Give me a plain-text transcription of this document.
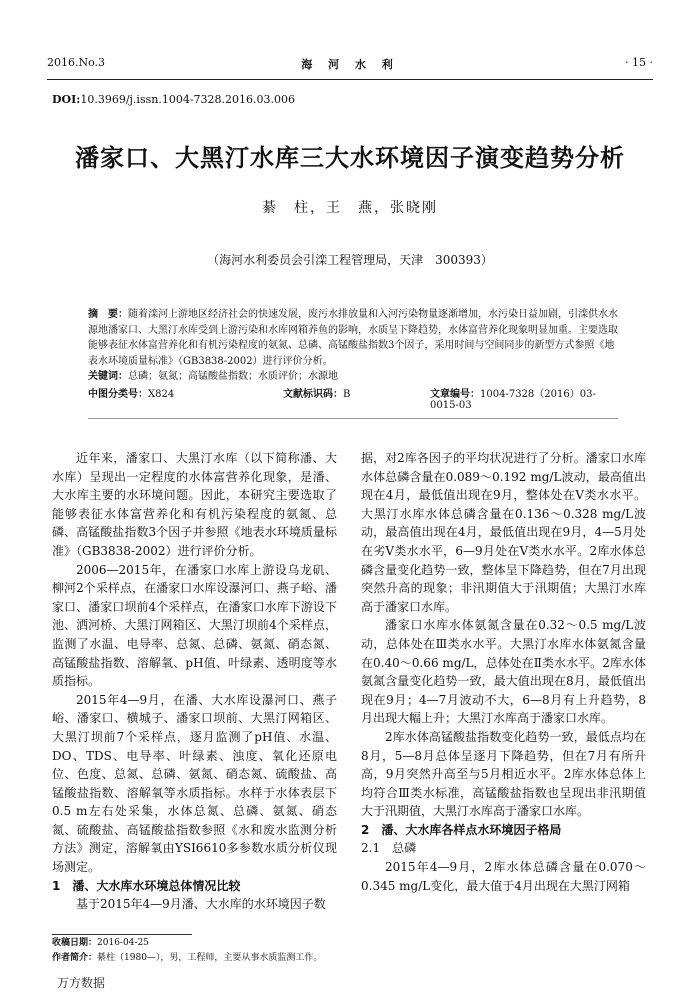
2016.No.3	海 河 水 利	· 15 ·
DOI:10.3969/j.issn.1004-7328.2016.03.006
潘家口、大黑汀水库三大水环境因子演变趋势分析
綦　柱，王　燕，张晓刚
（海河水利委员会引滦工程管理局，天津　300393）
摘　要：随着滦河上游地区经济社会的快速发展，废污水排放量和入河污染物量逐渐增加，水污染日益加剧，引滦供水水源地潘家口、大黑汀水库受到上游污染和水库网箱养鱼的影响，水质呈下降趋势，水体富营养化现象明显加重。主要选取能够表征水体富营养化和有机污染程度的氨氮、总磷、高锰酸盐指数3个因子，采用时间与空间同步的新型方式参照《地表水环境质量标准》（GB3838-2002）进行评价分析。
关键词：总磷；氨氮；高锰酸盐指数；水质评价；水源地
中图分类号：X824	文献标识码：B	文章编号：1004-7328（2016）03-0015-03

近年来，潘家口、大黑汀水库（以下简称潘、大水库）呈现出一定程度的水体富营养化现象，是潘、大水库主要的水环境问题。因此，本研究主要选取了能够表征水体富营养化和有机污染程度的氨氮、总磷、高锰酸盐指数3个因子并参照《地表水环境质量标准》（GB3838-2002）进行评价分析。

2006—2015年，在潘家口水库上游设乌龙矶、柳河2个采样点，在潘家口水库设瀑河口、燕子峪、潘家口、潘家口坝前4个采样点，在潘家口水库下游设下池、洒河桥、大黑汀网箱区、大黑汀坝前4个采样点，监测了水温、电导率、总氮、总磷、氨氮、硝态氮、高锰酸盐指数、溶解氧、pH值、叶绿素、透明度等水质指标。

2015年4—9月，在潘、大水库设瀑河口、燕子峪、潘家口、横城子、潘家口坝前、大黑汀网箱区、大黑汀坝前7个采样点，逐月监测了pH值、水温、DO、TDS、电导率、叶绿素、浊度、氧化还原电位、色度、总氮、总磷、氨氮、硝态氮、硫酸盐、高锰酸盐指数、溶解氧等水质指标。水样于水体表层下0.5 m左右处采集，水体总氮、总磷、氨氮、硝态氮、硫酸盐、高锰酸盐指数参照《水和废水监测分析方法》测定，溶解氧由YSI6610多参数水质分析仪现场测定。

1　潘、大水库水环境总体情况比较

基于2015年4—9月潘、大水库的水环境因子数

据，对2库各因子的平均状况进行了分析。潘家口水库水体总磷含量在0.089～0.192 mg/L波动，最高值出现在4月，最低值出现在9月，整体处在Ⅴ类水水平。大黑汀水库水体总磷含量在0.136～0.328 mg/L波动，最高值出现在4月，最低值出现在9月，4—5月处在劣Ⅴ类水水平，6—9月处在Ⅴ类水水平。2库水体总磷含量变化趋势一致，整体呈下降趋势，但在7月出现突然升高的现象；非汛期值大于汛期值；大黑汀水库高于潘家口水库。

潘家口水库水体氨氮含量在0.32～0.5 mg/L波动，总体处在Ⅲ类水水平。大黑汀水库水体氨氮含量在0.40～0.66 mg/L，总体处在Ⅱ类水水平。2库水体氨氮含量变化趋势一致，最大值出现在8月，最低值出现在9月；4—7月波动不大，6—8月有上升趋势，8月出现大幅上升；大黑汀水库高于潘家口水库。

2库水体高锰酸盐指数变化趋势一致，最低点均在8月，5—8月总体呈逐月下降趋势，但在7月有所升高，9月突然升高至与5月相近水平。2库水体总体上均符合Ⅲ类水标准，高锰酸盐指数也呈现出非汛期值大于汛期值，大黑汀水库高于潘家口水库。

2　潘、大水库各样点水环境因子格局

2.1　总磷

2015年4—9月，2库水体总磷含量在0.070～0.345 mg/L变化，最大值于4月出现在大黑汀网箱

收稿日期：2016-04-25
作者简介：綦柱（1980—），男，工程师，主要从事水质监测工作。
万方数据
